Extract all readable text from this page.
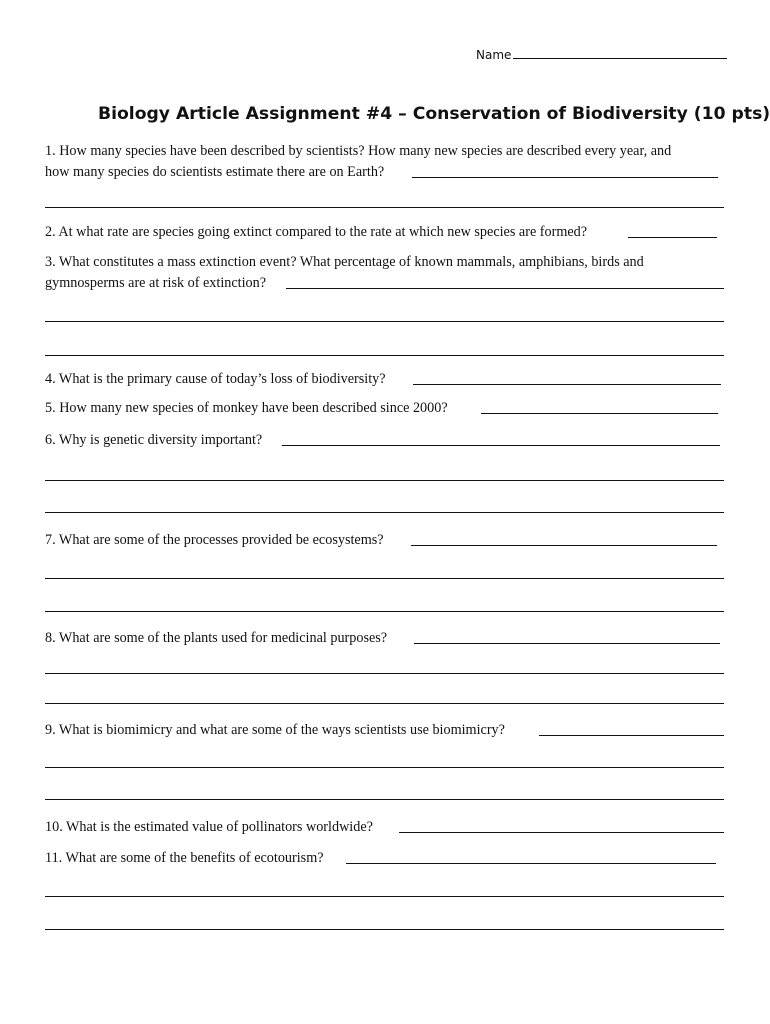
Name
Biology Article Assignment #4 – Conservation of Biodiversity (10 pts)
1. How many species have been described by scientists? How many new species are described every year, and
how many species do scientists estimate there are on Earth?
2. At what rate are species going extinct compared to the rate at which new species are formed?
3. What constitutes a mass extinction event? What percentage of known mammals, amphibians, birds and
gymnosperms are at risk of extinction?
4. What is the primary cause of today’s loss of biodiversity?
5. How many new species of monkey have been described since 2000?
6. Why is genetic diversity important?
7. What are some of the processes provided be ecosystems?
8. What are some of the plants used for medicinal purposes?
9. What is biomimicry and what are some of the ways scientists use biomimicry?
10. What is the estimated value of pollinators worldwide?
11. What are some of the benefits of ecotourism?
